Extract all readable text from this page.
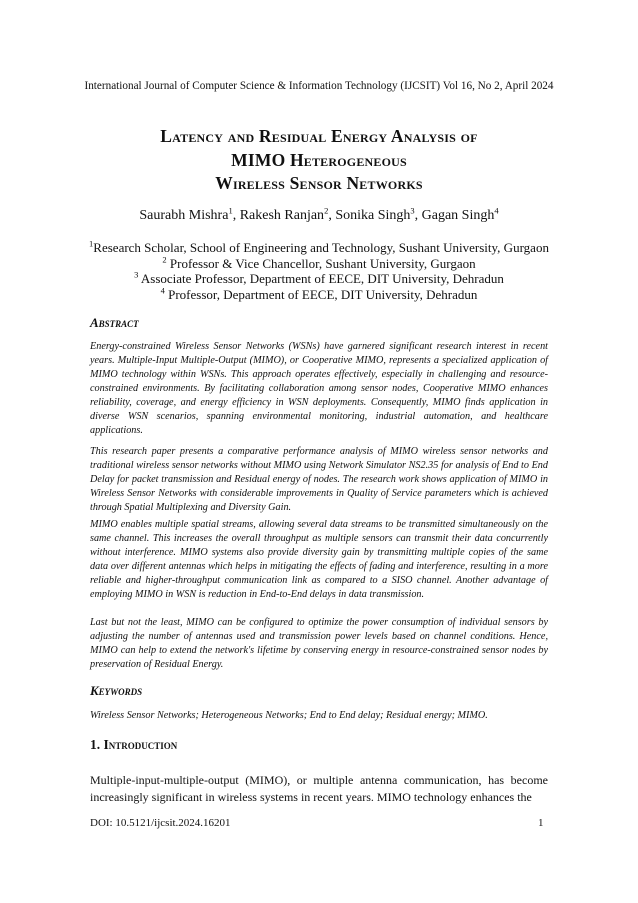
International Journal of Computer Science & Information Technology (IJCSIT) Vol 16, No 2, April 2024
Latency and Residual Energy Analysis of
MIMO Heterogeneous
Wireless Sensor Networks
Saurabh Mishra$^1$, Rakesh Ranjan$^2$, Sonika Singh$^3$, Gagan Singh$^4$
$^1$Research Scholar, School of Engineering and Technology, Sushant University, Gurgaon
$^2$ Professor & Vice Chancellor, Sushant University, Gurgaon
$^3$ Associate Professor, Department of EECE, DIT University, Dehradun
$^4$ Professor, Department of EECE, DIT University, Dehradun
Abstract
Energy-constrained Wireless Sensor Networks (WSNs) have garnered significant research interest in recent years. Multiple-Input Multiple-Output (MIMO), or Cooperative MIMO, represents a specialized application of MIMO technology within WSNs. This approach operates effectively, especially in challenging and resource-constrained environments. By facilitating collaboration among sensor nodes, Cooperative MIMO enhances reliability, coverage, and energy efficiency in WSN deployments. Consequently, MIMO finds application in diverse WSN scenarios, spanning environmental monitoring, industrial automation, and healthcare applications.
This research paper presents a comparative performance analysis of MIMO wireless sensor networks and traditional wireless sensor networks without MIMO using Network Simulator NS2.35 for analysis of End to End Delay for packet transmission and Residual energy of nodes. The research work shows application of MIMO in Wireless Sensor Networks with considerable improvements in Quality of Service parameters which is achieved through Spatial Multiplexing and Diversity Gain.
MIMO enables multiple spatial streams, allowing several data streams to be transmitted simultaneously on the same channel. This increases the overall throughput as multiple sensors can transmit their data concurrently without interference. MIMO systems also provide diversity gain by transmitting multiple copies of the same data over different antennas which helps in mitigating the effects of fading and interference, resulting in a more reliable and higher-throughput communication link as compared to a SISO channel. Another advantage of employing MIMO in WSN is reduction in End-to-End delays in data transmission.
Last but not the least, MIMO can be configured to optimize the power consumption of individual sensors by adjusting the number of antennas used and transmission power levels based on channel conditions. Hence, MIMO can help to extend the network's lifetime by conserving energy in resource-constrained sensor nodes by preservation of Residual Energy.
Keywords
Wireless Sensor Networks; Heterogeneous Networks; End to End delay; Residual energy; MIMO.
1. Introduction
Multiple-input-multiple-output (MIMO), or multiple antenna communication, has become increasingly significant in wireless systems in recent years. MIMO technology enhances the
DOI: 10.5121/ijcsit.2024.16201	1
